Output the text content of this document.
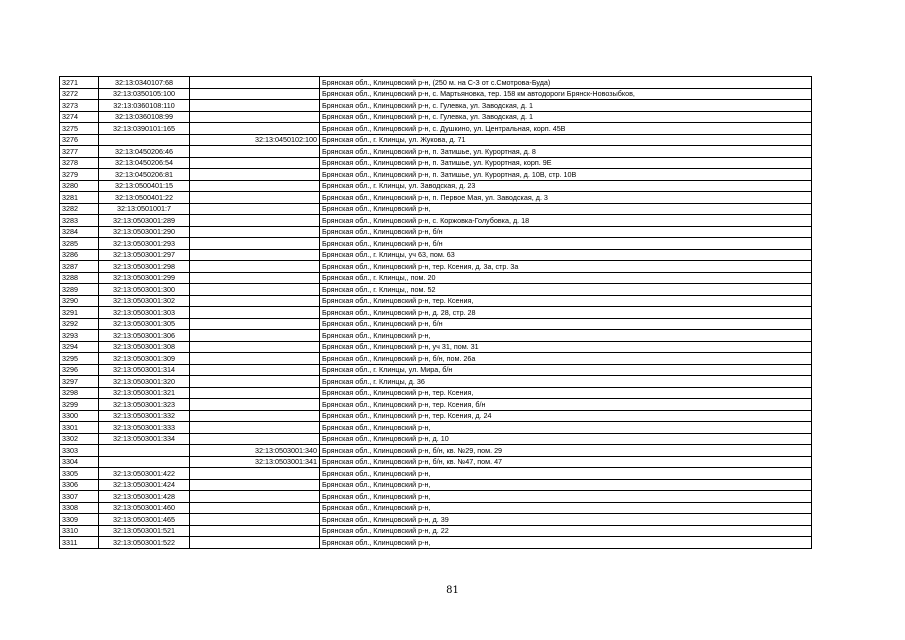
3271	32:13:0340107:68		Брянская обл., Клинцовский р-н, (250 м. на С-З от с.Смотрова-Буда)
3272	32:13:0350105:100		Брянская обл., Клинцовский р-н, с. Мартьяновка, тер. 158 км автодороги Брянск-Новозыбков,
3273	32:13:0360108:110		Брянская обл., Клинцовский р-н, с. Гулевка, ул. Заводская, д. 1
3274	32:13:0360108:99		Брянская обл., Клинцовский р-н, с. Гулевка, ул. Заводская, д. 1
3275	32:13:0390101:165		Брянская обл., Клинцовский р-н, с. Душкино, ул. Центральная, корп. 45В
3276		32:13:0450102:100	Брянская обл., г. Клинцы, ул. Жукова, д. 71
3277	32:13:0450206:46		Брянская обл., Клинцовский р-н, п. Затишье, ул. Курортная, д. 8
3278	32:13:0450206:54		Брянская обл., Клинцовский р-н, п. Затишье, ул. Курортная, корп. 9Е
3279	32:13:0450206:81		Брянская обл., Клинцовский р-н, п. Затишье, ул. Курортная, д. 10В, стр. 10В
3280	32:13:0500401:15		Брянская обл., г. Клинцы, ул. Заводская, д. 23
3281	32:13:0500401:22		Брянская обл., Клинцовский р-н, п. Первое Мая, ул. Заводская, д. 3
3282	32:13:0501001:7		Брянская обл., Клинцовский р-н,
3283	32:13:0503001:289		Брянская обл., Клинцовский р-н, с. Коржовка-Голубовка, д. 18
3284	32:13:0503001:290		Брянская обл., Клинцовский р-н, б/н
3285	32:13:0503001:293		Брянская обл., Клинцовский р-н, б/н
3286	32:13:0503001:297		Брянская обл., г. Клинцы, уч 63, пом. 63
3287	32:13:0503001:298		Брянская обл., Клинцовский р-н, тер. Ксения, д. 3а, стр. 3а
3288	32:13:0503001:299		Брянская обл., г. Клинцы,, пом. 20
3289	32:13:0503001:300		Брянская обл., г. Клинцы,, пом. 52
3290	32:13:0503001:302		Брянская обл., Клинцовский р-н, тер. Ксения,
3291	32:13:0503001:303		Брянская обл., Клинцовский р-н, д. 28, стр. 28
3292	32:13:0503001:305		Брянская обл., Клинцовский р-н, б/н
3293	32:13:0503001:306		Брянская обл., Клинцовский р-н,
3294	32:13:0503001:308		Брянская обл., Клинцовский р-н, уч 31, пом. 31
3295	32:13:0503001:309		Брянская обл., Клинцовский р-н, б/н, пом. 26а
3296	32:13:0503001:314		Брянская обл., г. Клинцы, ул. Мира, б/н
3297	32:13:0503001:320		Брянская обл., г. Клинцы, д. 36
3298	32:13:0503001:321		Брянская обл., Клинцовский р-н, тер. Ксения,
3299	32:13:0503001:323		Брянская обл., Клинцовский р-н, тер. Ксения, б/н
3300	32:13:0503001:332		Брянская обл., Клинцовский р-н, тер. Ксения, д. 24
3301	32:13:0503001:333		Брянская обл., Клинцовский р-н,
3302	32:13:0503001:334		Брянская обл., Клинцовский р-н, д. 10
3303		32:13:0503001:340	Брянская обл., Клинцовский р-н, б/н, кв. №29, пом. 29
3304		32:13:0503001:341	Брянская обл., Клинцовский р-н, б/н, кв. №47, пом. 47
3305	32:13:0503001:422		Брянская обл., Клинцовский р-н,
3306	32:13:0503001:424		Брянская обл., Клинцовский р-н,
3307	32:13:0503001:428		Брянская обл., Клинцовский р-н,
3308	32:13:0503001:460		Брянская обл., Клинцовский р-н,
3309	32:13:0503001:465		Брянская обл., Клинцовский р-н, д. 39
3310	32:13:0503001:521		Брянская обл., Клинцовский р-н, д. 22
3311	32:13:0503001:522		Брянская обл., Клинцовский р-н,
81
